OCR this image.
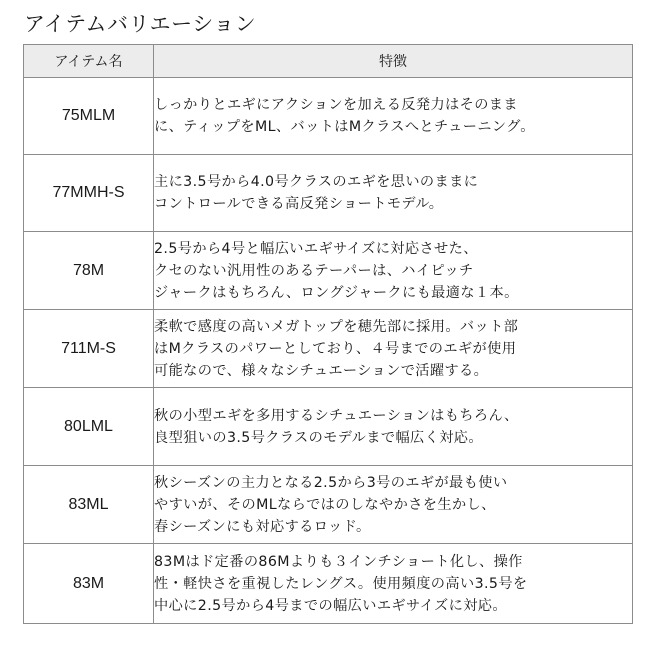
アイテムバリエーション
アイテム名	特徴
75MLM	しっかりとエギにアクションを加える反発力はそのまま
に、ティップをML、バットはMクラスへとチューニング。

77MMH-S	主に3.5号から4.0号クラスのエギを思いのままに
コントロールできる高反発ショートモデル。

78M	2.5号から4号と幅広いエギサイズに対応させた、
クセのない汎用性のあるテーパーは、ハイピッチ
ジャークはもちろん、ロングジャークにも最適な１本。

711M-S	柔軟で感度の高いメガトップを穂先部に採用。バット部
はMクラスのパワーとしており、４号までのエギが使用
可能なので、様々なシチュエーションで活躍する。

80LML	秋の小型エギを多用するシチュエーションはもちろん、
良型狙いの3.5号クラスのモデルまで幅広く対応。

83ML	秋シーズンの主力となる2.5から3号のエギが最も使い
やすいが、そのMLならではのしなやかさを生かし、
春シーズンにも対応するロッド。

83M	83Mはド定番の86Mよりも３インチショート化し、操作
性・軽快さを重視したレングス。使用頻度の高い3.5号を
中心に2.5号から4号までの幅広いエギサイズに対応。
